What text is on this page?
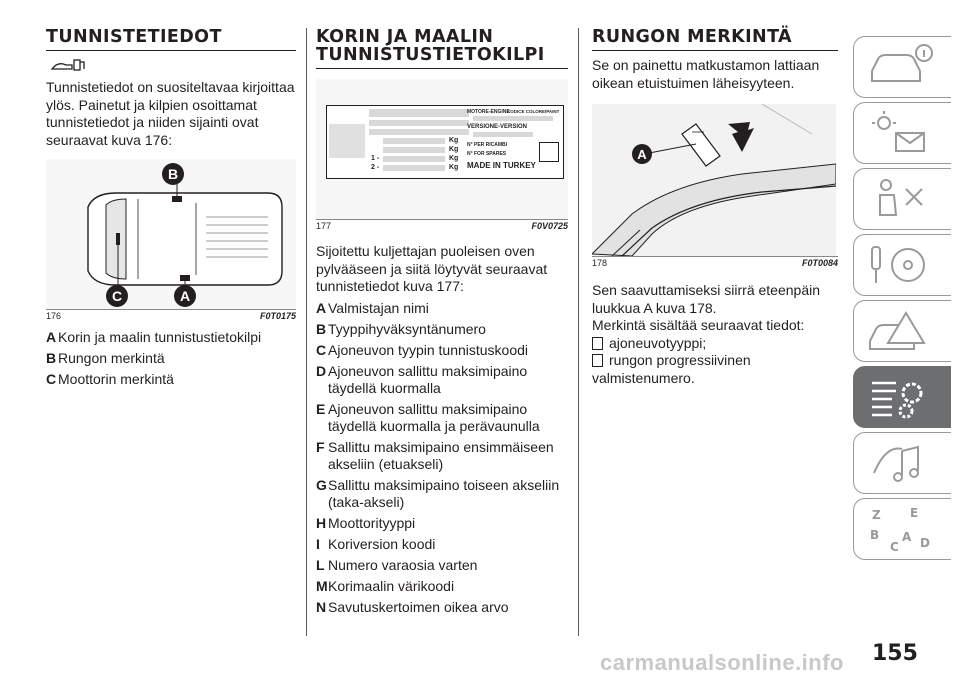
TUNNISTETIEDOT

Tunnistetiedot on suositeltavaa kirjoittaa ylös. Painetut ja kilpien osoittamat tunnistetiedot ja niiden sijainti ovat seuraavat kuva 176:

B
C	A
176	F0T0175
A Korin ja maalin tunnistustietokilpi
B Rungon merkintä
C Moottorin merkintä
KORIN JA MAALIN
TUNNISTUSTIETOKILPI
Kg
Kg
Kg
Kg
1 -
2 -
MOTORE-ENGINE
CODICE COLORE/PAINT
VERSIONE-VERSION
N° PER RICAMBI
N° FOR SPARES
MADE IN TURKEY
177	F0V0725

Sijoitettu kuljettajan puoleisen oven pylvääseen ja siitä löytyvät seuraavat tunnistetiedot kuva 177:

A Valmistajan nimi
B Tyyppihyväksyntänumero
C Ajoneuvon tyypin tunnistuskoodi
D Ajoneuvon sallittu maksimipaino täydellä kuormalla
E Ajoneuvon sallittu maksimipaino täydellä kuormalla ja perävaunulla
F Sallittu maksimipaino ensimmäiseen akseliin (etuakseli)
G Sallittu maksimipaino toiseen akseliin (taka-akseli)
H Moottorityyppi
I Koriversion koodi
L Numero varaosia varten
M Korimaalin värikoodi
N Savutuskertoimen oikea arvo
RUNGON MERKINTÄ

Se on painettu matkustamon lattiaan oikean etuistuimen läheisyyteen.

A
178	F0T0084

Sen saavuttamiseksi siirrä eteenpäin luukkua A kuva 178.

Merkintä sisältää seuraavat tiedot:

ajoneuvotyyppi;
rungon progressiivinen

valmistenumero.

Z E
B
C
A D
155
carmanualsonline.info
